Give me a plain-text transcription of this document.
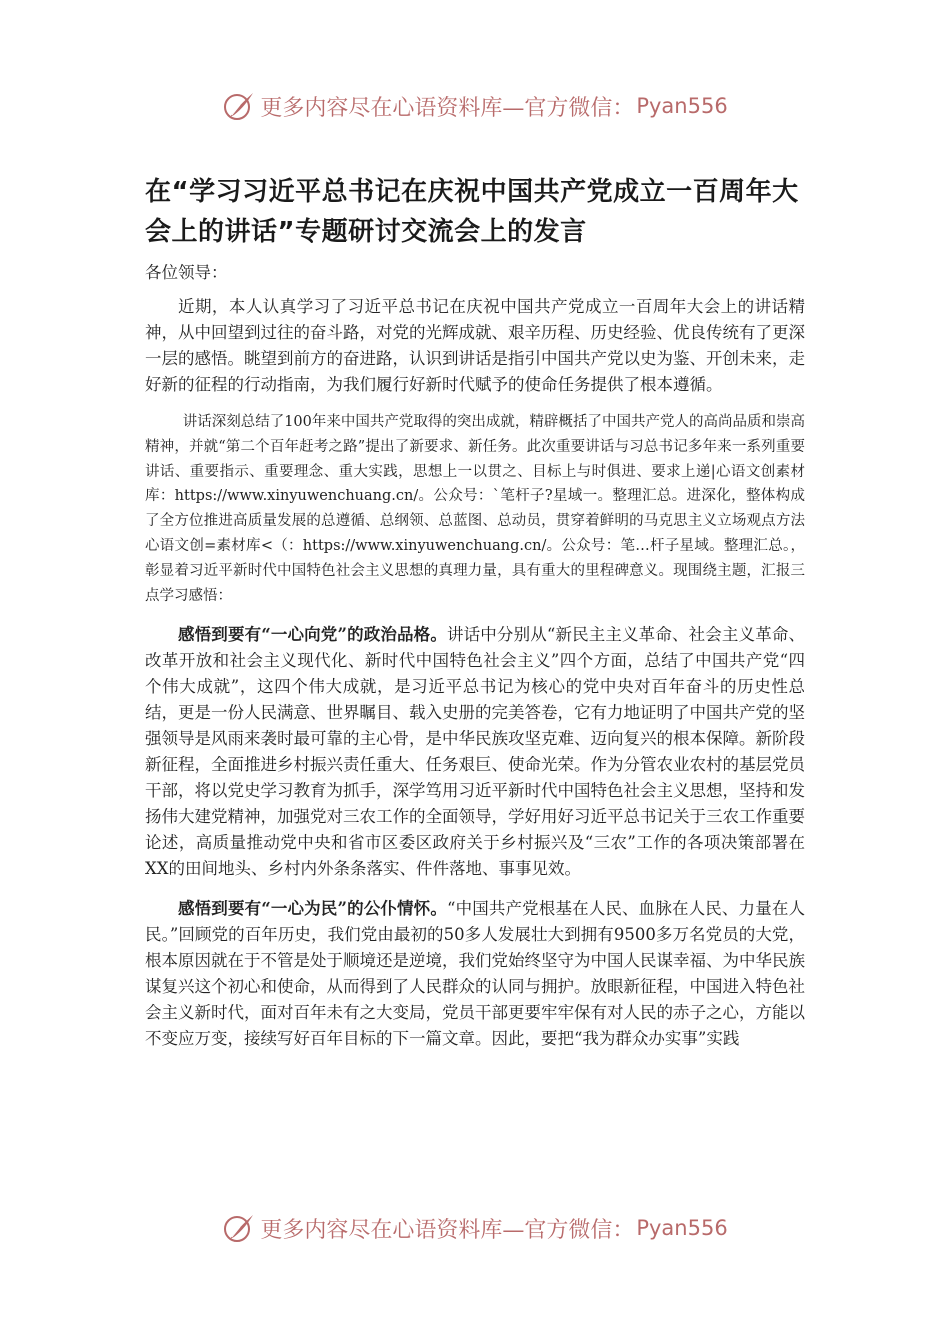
更多内容尽在心语资料库—官方微信： Pyan556
在“学习习近平总书记在庆祝中国共产党成立一百周年大会上的讲话”专题研讨交流会上的发言
各位领导：

近期，本人认真学习了习近平总书记在庆祝中国共产党成立一百周年大会上的讲话精神，从中回望到过往的奋斗路，对党的光辉成就、艰辛历程、历史经验、优良传统有了更深一层的感悟。眺望到前方的奋进路，认识到讲话是指引中国共产党以史为鉴、开创未来，走好新的征程的行动指南，为我们履行好新时代赋予的使命任务提供了根本遵循。

讲话深刻总结了100年来中国共产党取得的突出成就，精辟概括了中国共产党人的高尚品质和崇高精神，并就“第二个百年赶考之路”提出了新要求、新任务。此次重要讲话与习总书记多年来一系列重要讲话、重要指示、重要理念、重大实践，思想上一以贯之、目标上与时俱进、要求上递|心语文创素材库：https://www.xinyuwenchuang.cn/。公众号：`笔杆子?星域一。整理汇总。进深化，整体构成了全方位推进高质量发展的总遵循、总纲领、总蓝图、总动员，贯穿着鲜明的马克思主义立场观点方法心语文创=素材库<（：https://www.xinyuwenchuang.cn/。公众号：笔…杆子星域。整理汇总。，彰显着习近平新时代中国特色社会主义思想的真理力量，具有重大的里程碑意义。现围绕主题，汇报三点学习感悟：

感悟到要有“一心向党”的政治品格。讲话中分别从“新民主主义革命、社会主义革命、改革开放和社会主义现代化、新时代中国特色社会主义”四个方面，总结了中国共产党“四个伟大成就”，这四个伟大成就，是习近平总书记为核心的党中央对百年奋斗的历史性总结，更是一份人民满意、世界瞩目、载入史册的完美答卷，它有力地证明了中国共产党的坚强领导是风雨来袭时最可靠的主心骨，是中华民族攻坚克难、迈向复兴的根本保障。新阶段新征程，全面推进乡村振兴责任重大、任务艰巨、使命光荣。作为分管农业农村的基层党员干部，将以党史学习教育为抓手，深学笃用习近平新时代中国特色社会主义思想，坚持和发扬伟大建党精神，加强党对三农工作的全面领导，学好用好习近平总书记关于三农工作重要论述，高质量推动党中央和省市区委区政府关于乡村振兴及“三农”工作的各项决策部署在XX的田间地头、乡村内外条条落实、件件落地、事事见效。

感悟到要有“一心为民”的公仆情怀。“中国共产党根基在人民、血脉在人民、力量在人民。”回顾党的百年历史，我们党由最初的50多人发展壮大到拥有9500多万名党员的大党，根本原因就在于不管是处于顺境还是逆境，我们党始终坚守为中国人民谋幸福、为中华民族谋复兴这个初心和使命，从而得到了人民群众的认同与拥护。放眼新征程，中国进入特色社会主义新时代，面对百年未有之大变局，党员干部更要牢牢保有对人民的赤子之心，方能以不变应万变，接续写好百年目标的下一篇文章。因此，要把“我为群众办实事”实践

更多内容尽在心语资料库—官方微信： Pyan556
